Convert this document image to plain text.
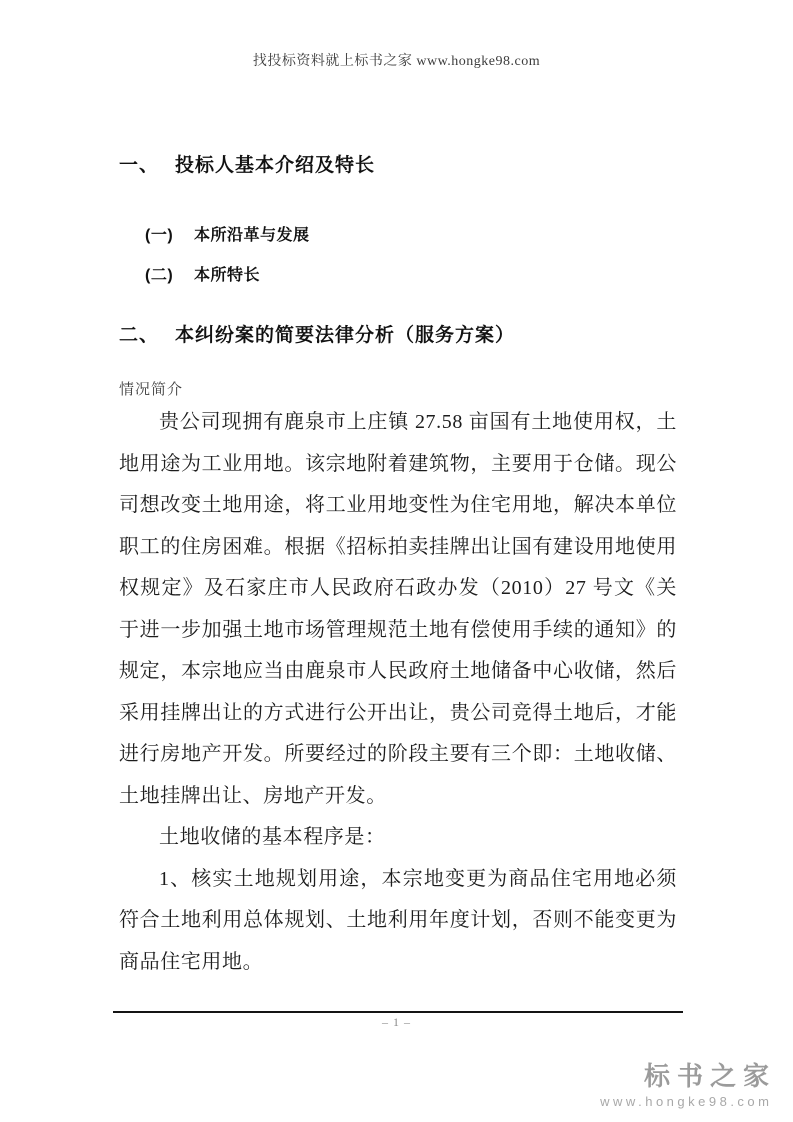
找投标资料就上标书之家 www.hongke98.com
一、 投标人基本介绍及特长
(一) 本所沿革与发展
(二) 本所特长
二、 本纠纷案的简要法律分析（服务方案）
情况简介

贵公司现拥有鹿泉市上庄镇 27.58 亩国有土地使用权，土地用途为工业用地。该宗地附着建筑物，主要用于仓储。现公司想改变土地用途，将工业用地变性为住宅用地，解决本单位职工的住房困难。根据《招标拍卖挂牌出让国有建设用地使用权规定》及石家庄市人民政府石政办发（2010）27 号文《关于进一步加强土地市场管理规范土地有偿使用手续的通知》的规定，本宗地应当由鹿泉市人民政府土地储备中心收储，然后采用挂牌出让的方式进行公开出让，贵公司竞得土地后，才能进行房地产开发。所要经过的阶段主要有三个即：土地收储、土地挂牌出让、房地产开发。

土地收储的基本程序是：

1、核实土地规划用途，本宗地变更为商品住宅用地必须符合土地利用总体规划、土地利用年度计划，否则不能变更为商品住宅用地。

– 1 –
标书之家
www.hongke98.com
